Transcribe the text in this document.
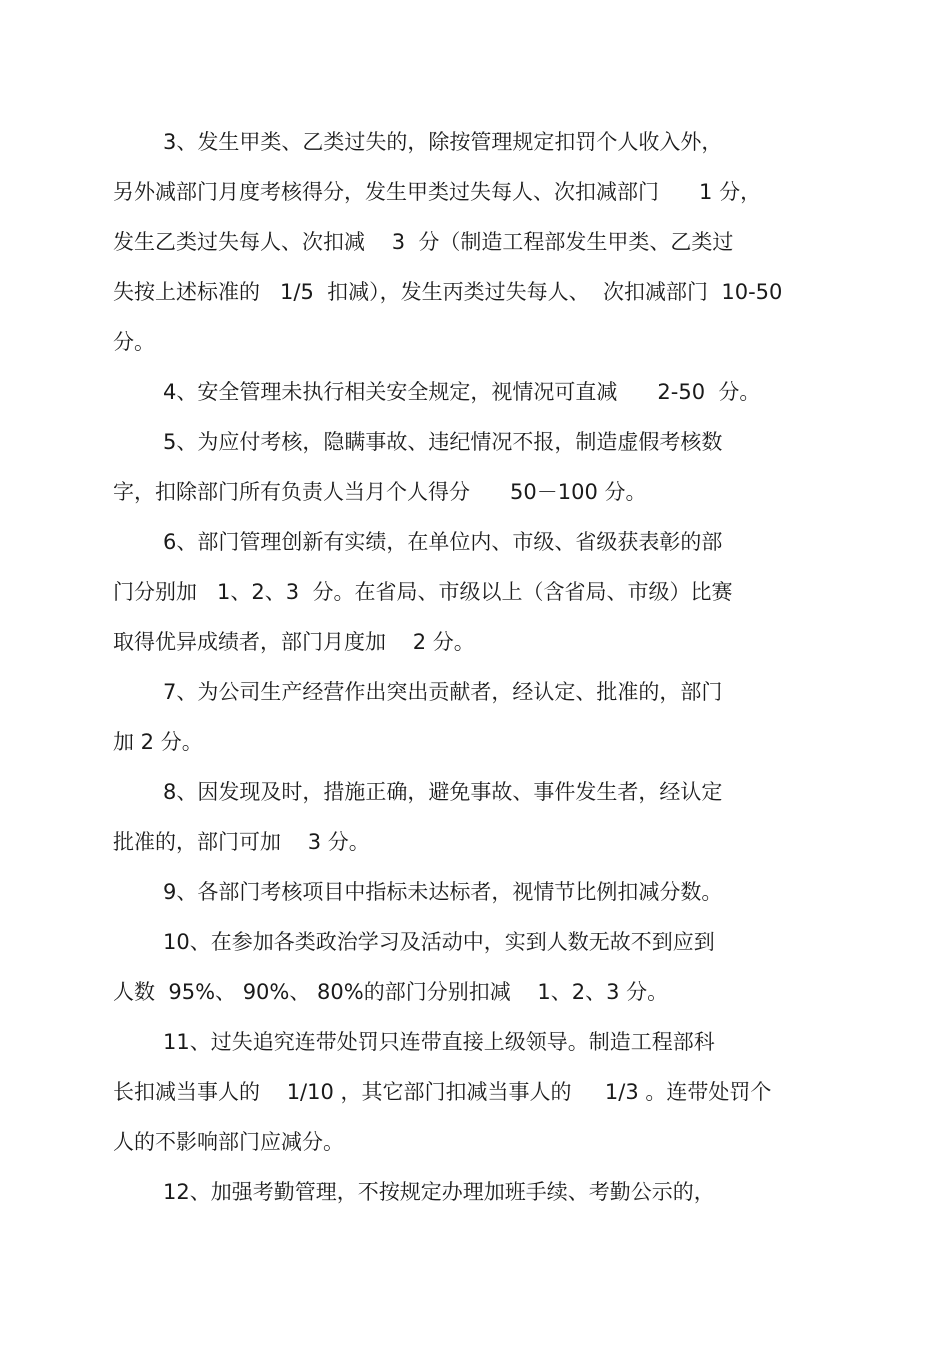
3、发生甲类、乙类过失的，除按管理规定扣罚个人收入外，
另外减部门月度考核得分，发生甲类过失每人、次扣减部门      1 分，
发生乙类过失每人、次扣减    3  分（制造工程部发生甲类、乙类过
失按上述标准的   1/5  扣减），发生丙类过失每人、  次扣减部门  10-50
分。
4、安全管理未执行相关安全规定，视情况可直减      2-50  分。
5、为应付考核，隐瞒事故、违纪情况不报，制造虚假考核数
字，扣除部门所有负责人当月个人得分      50－100 分。
6、部门管理创新有实绩，在单位内、市级、省级获表彰的部
门分别加   1、2、3  分。在省局、市级以上（含省局、市级）比赛
取得优异成绩者，部门月度加    2 分。
7、为公司生产经营作出突出贡献者，经认定、批准的，部门
加 2 分。
8、因发现及时，措施正确，避免事故、事件发生者，经认定
批准的，部门可加    3 分。
9、各部门考核项目中指标未达标者，视情节比例扣减分数。
10、在参加各类政治学习及活动中，实到人数无故不到应到
人数  95%、 90%、 80%的部门分别扣减    1、2、3 分。
11、过失追究连带处罚只连带直接上级领导。制造工程部科
长扣减当事人的    1/10 ，其它部门扣减当事人的     1/3 。连带处罚个
人的不影响部门应减分。
12、加强考勤管理，不按规定办理加班手续、考勤公示的，
